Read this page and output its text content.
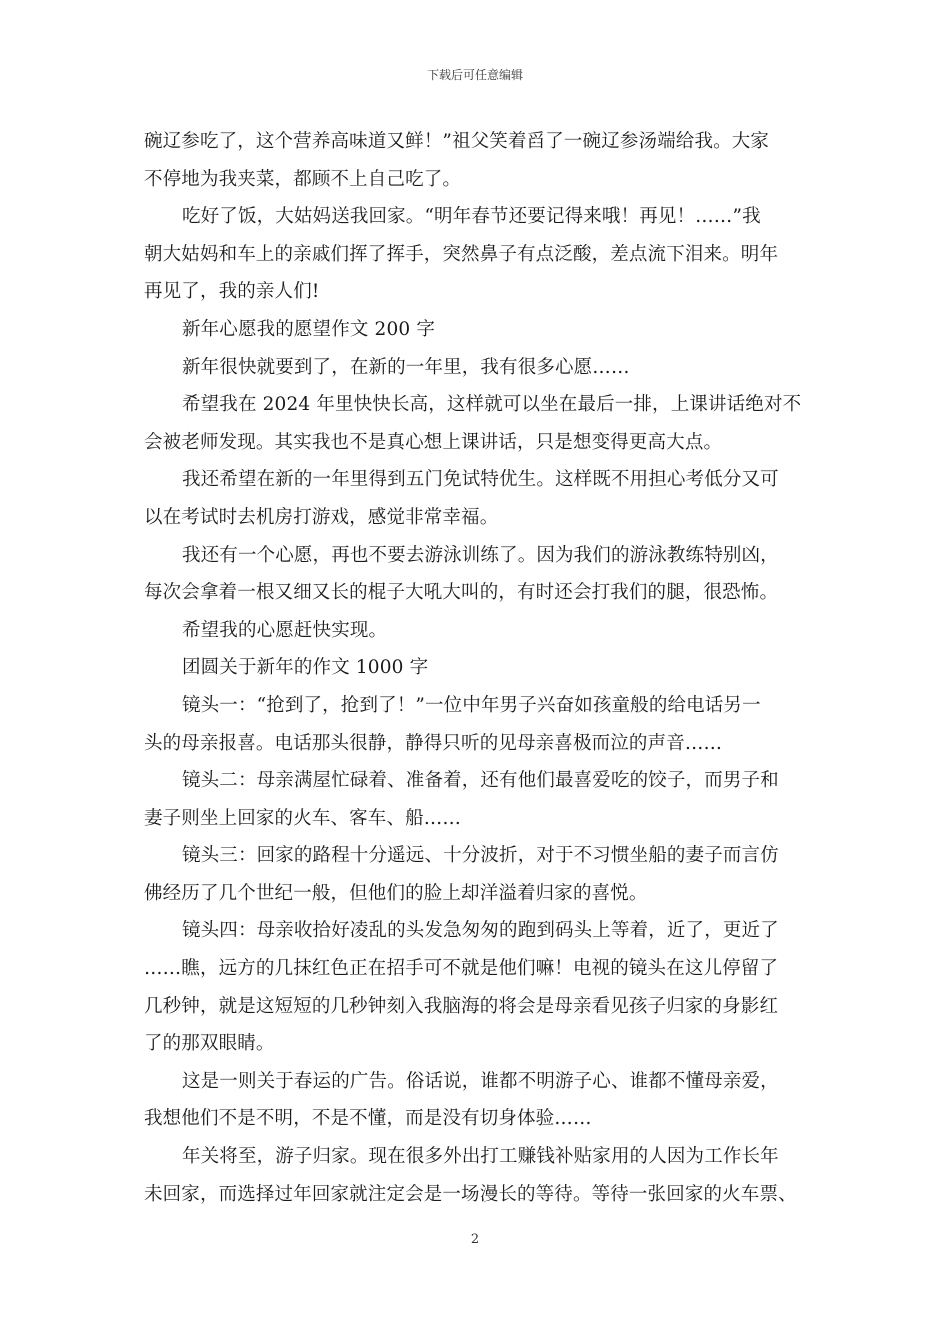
下载后可任意编辑
碗辽参吃了，这个营养高味道又鲜！”祖父笑着舀了一碗辽参汤端给我。大家
不停地为我夹菜，都顾不上自己吃了。
吃好了饭，大姑妈送我回家。“明年春节还要记得来哦！再见！……”我
朝大姑妈和车上的亲戚们挥了挥手，突然鼻子有点泛酸，差点流下泪来。明年
再见了，我的亲人们!
新年心愿我的愿望作文 200 字
新年很快就要到了，在新的一年里，我有很多心愿……
希望我在 2024 年里快快长高，这样就可以坐在最后一排，上课讲话绝对不
会被老师发现。其实我也不是真心想上课讲话，只是想变得更高大点。
我还希望在新的一年里得到五门免试特优生。这样既不用担心考低分又可
以在考试时去机房打游戏，感觉非常幸福。
我还有一个心愿，再也不要去游泳训练了。因为我们的游泳教练特别凶，
每次会拿着一根又细又长的棍子大吼大叫的，有时还会打我们的腿，很恐怖。
希望我的心愿赶快实现。
团圆关于新年的作文 1000 字
镜头一：“抢到了，抢到了！”一位中年男子兴奋如孩童般的给电话另一
头的母亲报喜。电话那头很静，静得只听的见母亲喜极而泣的声音……
镜头二：母亲满屋忙碌着、准备着，还有他们最喜爱吃的饺子，而男子和
妻子则坐上回家的火车、客车、船……
镜头三：回家的路程十分遥远、十分波折，对于不习惯坐船的妻子而言仿
佛经历了几个世纪一般，但他们的脸上却洋溢着归家的喜悦。
镜头四：母亲收拾好凌乱的头发急匆匆的跑到码头上等着，近了，更近了
……瞧，远方的几抹红色正在招手可不就是他们嘛！电视的镜头在这儿停留了
几秒钟，就是这短短的几秒钟刻入我脑海的将会是母亲看见孩子归家的身影红
了的那双眼睛。
这是一则关于春运的广告。俗话说，谁都不明游子心、谁都不懂母亲爱，
我想他们不是不明，不是不懂，而是没有切身体验……
年关将至，游子归家。现在很多外出打工赚钱补贴家用的人因为工作长年
未回家，而选择过年回家就注定会是一场漫长的等待。等待一张回家的火车票、
2
